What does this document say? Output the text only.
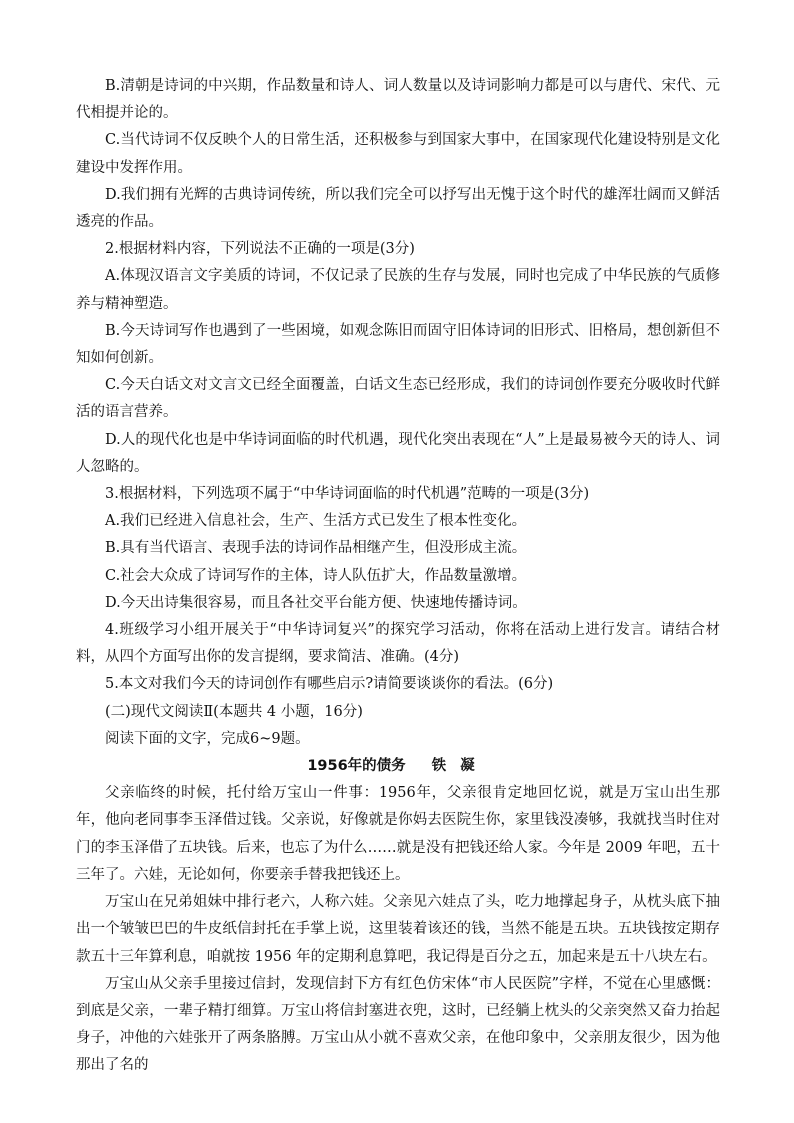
B.清朝是诗词的中兴期，作品数量和诗人、词人数量以及诗词影响力都是可以与唐代、宋代、元代相提并论的。

C.当代诗词不仅反映个人的日常生活，还积极参与到国家大事中，在国家现代化建设特别是文化建设中发挥作用。

D.我们拥有光辉的古典诗词传统，所以我们完全可以抒写出无愧于这个时代的雄浑壮阔而又鲜活透亮的作品。

2.根据材料内容，下列说法不正确的一项是(3分)

A.体现汉语言文字美质的诗词，不仅记录了民族的生存与发展，同时也完成了中华民族的气质修养与精神塑造。

B.今天诗词写作也遇到了一些困境，如观念陈旧而固守旧体诗词的旧形式、旧格局，想创新但不知如何创新。

C.今天白话文对文言文已经全面覆盖，白话文生态已经形成，我们的诗词创作要充分吸收时代鲜活的语言营养。

D.人的现代化也是中华诗词面临的时代机遇，现代化突出表现在“人”上是最易被今天的诗人、词人忽略的。

3.根据材料，下列选项不属于“中华诗词面临的时代机遇”范畴的一项是(3分)

A.我们已经进入信息社会，生产、生活方式已发生了根本性变化。

B.具有当代语言、表现手法的诗词作品相继产生，但没形成主流。

C.社会大众成了诗词写作的主体，诗人队伍扩大，作品数量激增。

D.今天出诗集很容易，而且各社交平台能方便、快速地传播诗词。

4.班级学习小组开展关于“中华诗词复兴”的探究学习活动，你将在活动上进行发言。请结合材料，从四个方面写出你的发言提纲，要求简洁、准确。(4分)

5.本文对我们今天的诗词创作有哪些启示?请简要谈谈你的看法。(6分)

(二)现代文阅读Ⅱ(本题共 4 小题，16分)

阅读下面的文字，完成6~9题。

1956年的债务 铁凝

父亲临终的时候，托付给万宝山一件事：1956年，父亲很肯定地回忆说，就是万宝山出生那年，他向老同事李玉泽借过钱。父亲说，好像就是你妈去医院生你，家里钱没凑够，我就找当时住对门的李玉泽借了五块钱。后来，也忘了为什么……就是没有把钱还给人家。今年是 2009 年吧，五十三年了。六娃，无论如何，你要亲手替我把钱还上。

万宝山在兄弟姐妹中排行老六，人称六娃。父亲见六娃点了头，吃力地撑起身子，从枕头底下抽出一个皱皱巴巴的牛皮纸信封托在手掌上说，这里装着该还的钱，当然不能是五块。五块钱按定期存款五十三年算利息，咱就按 1956 年的定期利息算吧，我记得是百分之五，加起来是五十八块左右。

万宝山从父亲手里接过信封，发现信封下方有红色仿宋体“市人民医院”字样，不觉在心里感慨：到底是父亲，一辈子精打细算。万宝山将信封塞进衣兜，这时，已经躺上枕头的父亲突然又奋力抬起身子，冲他的六娃张开了两条胳膊。万宝山从小就不喜欢父亲，在他印象中，父亲朋友很少，因为他那出了名的
